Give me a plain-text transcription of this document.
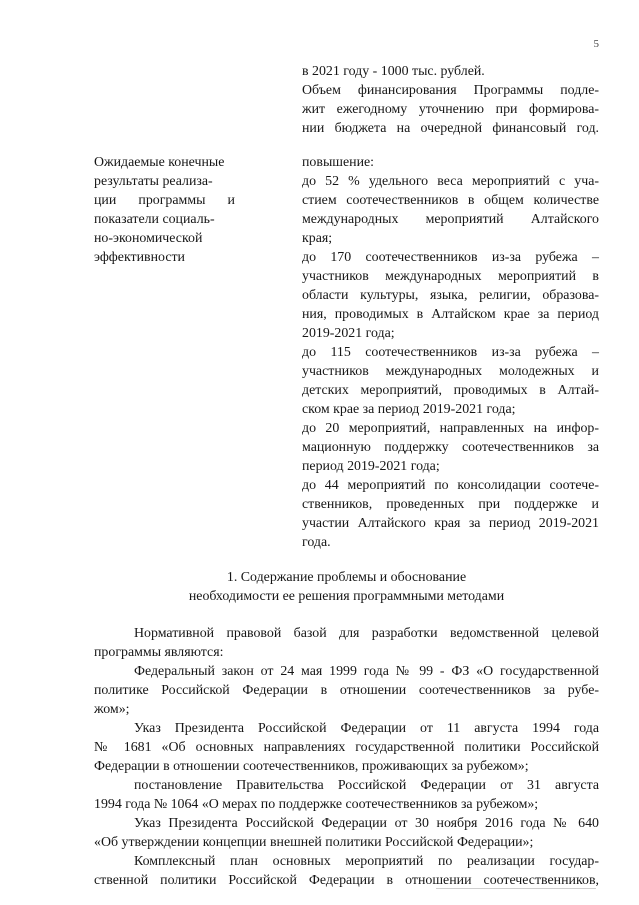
5
в 2021 году - 1000 тыс. рублей.
Объем финансирования Программы подле-
жит ежегодному уточнению при формирова-
нии бюджета на очередной финансовый год.
Ожидаемые конечные
результаты реализа-
ции программы и
показатели социаль-
но-экономической
эффективности
повышение:
до 52 % удельного веса мероприятий с уча-
стием соотечественников в общем количестве
международных мероприятий Алтайского
края;
до 170 соотечественников из-за рубежа –
участников международных мероприятий в
области культуры, языка, религии, образова-
ния, проводимых в Алтайском крае за период
2019-2021 года;
до 115 соотечественников из-за рубежа –
участников международных молодежных и
детских мероприятий, проводимых в Алтай-
ском крае за период 2019-2021 года;
до 20 мероприятий, направленных на инфор-
мационную поддержку соотечественников за
период 2019-2021 года;
до 44 мероприятий по консолидации соотече-
ственников, проведенных при поддержке и
участии Алтайского края за период 2019-2021
года.
1. Содержание проблемы и обоснование
необходимости ее решения программными методами
Нормативной правовой базой для разработки ведомственной целевой
программы являются:
Федеральный закон от 24 мая 1999 года № 99 - ФЗ «О государственной
политике Российской Федерации в отношении соотечественников за рубе-
жом»;
Указ Президента Российской Федерации от 11 августа 1994 года
№ 1681 «Об основных направлениях государственной политики Российской
Федерации в отношении соотечественников, проживающих за рубежом»;
постановление Правительства Российской Федерации от 31 августа
1994 года № 1064 «О мерах по поддержке соотечественников за рубежом»;
Указ Президента Российской Федерации от 30 ноября 2016 года № 640
«Об утверждении концепции внешней политики Российской Федерации»;
Комплексный план основных мероприятий по реализации государ-
ственной политики Российской Федерации в отношении соотечественников,
